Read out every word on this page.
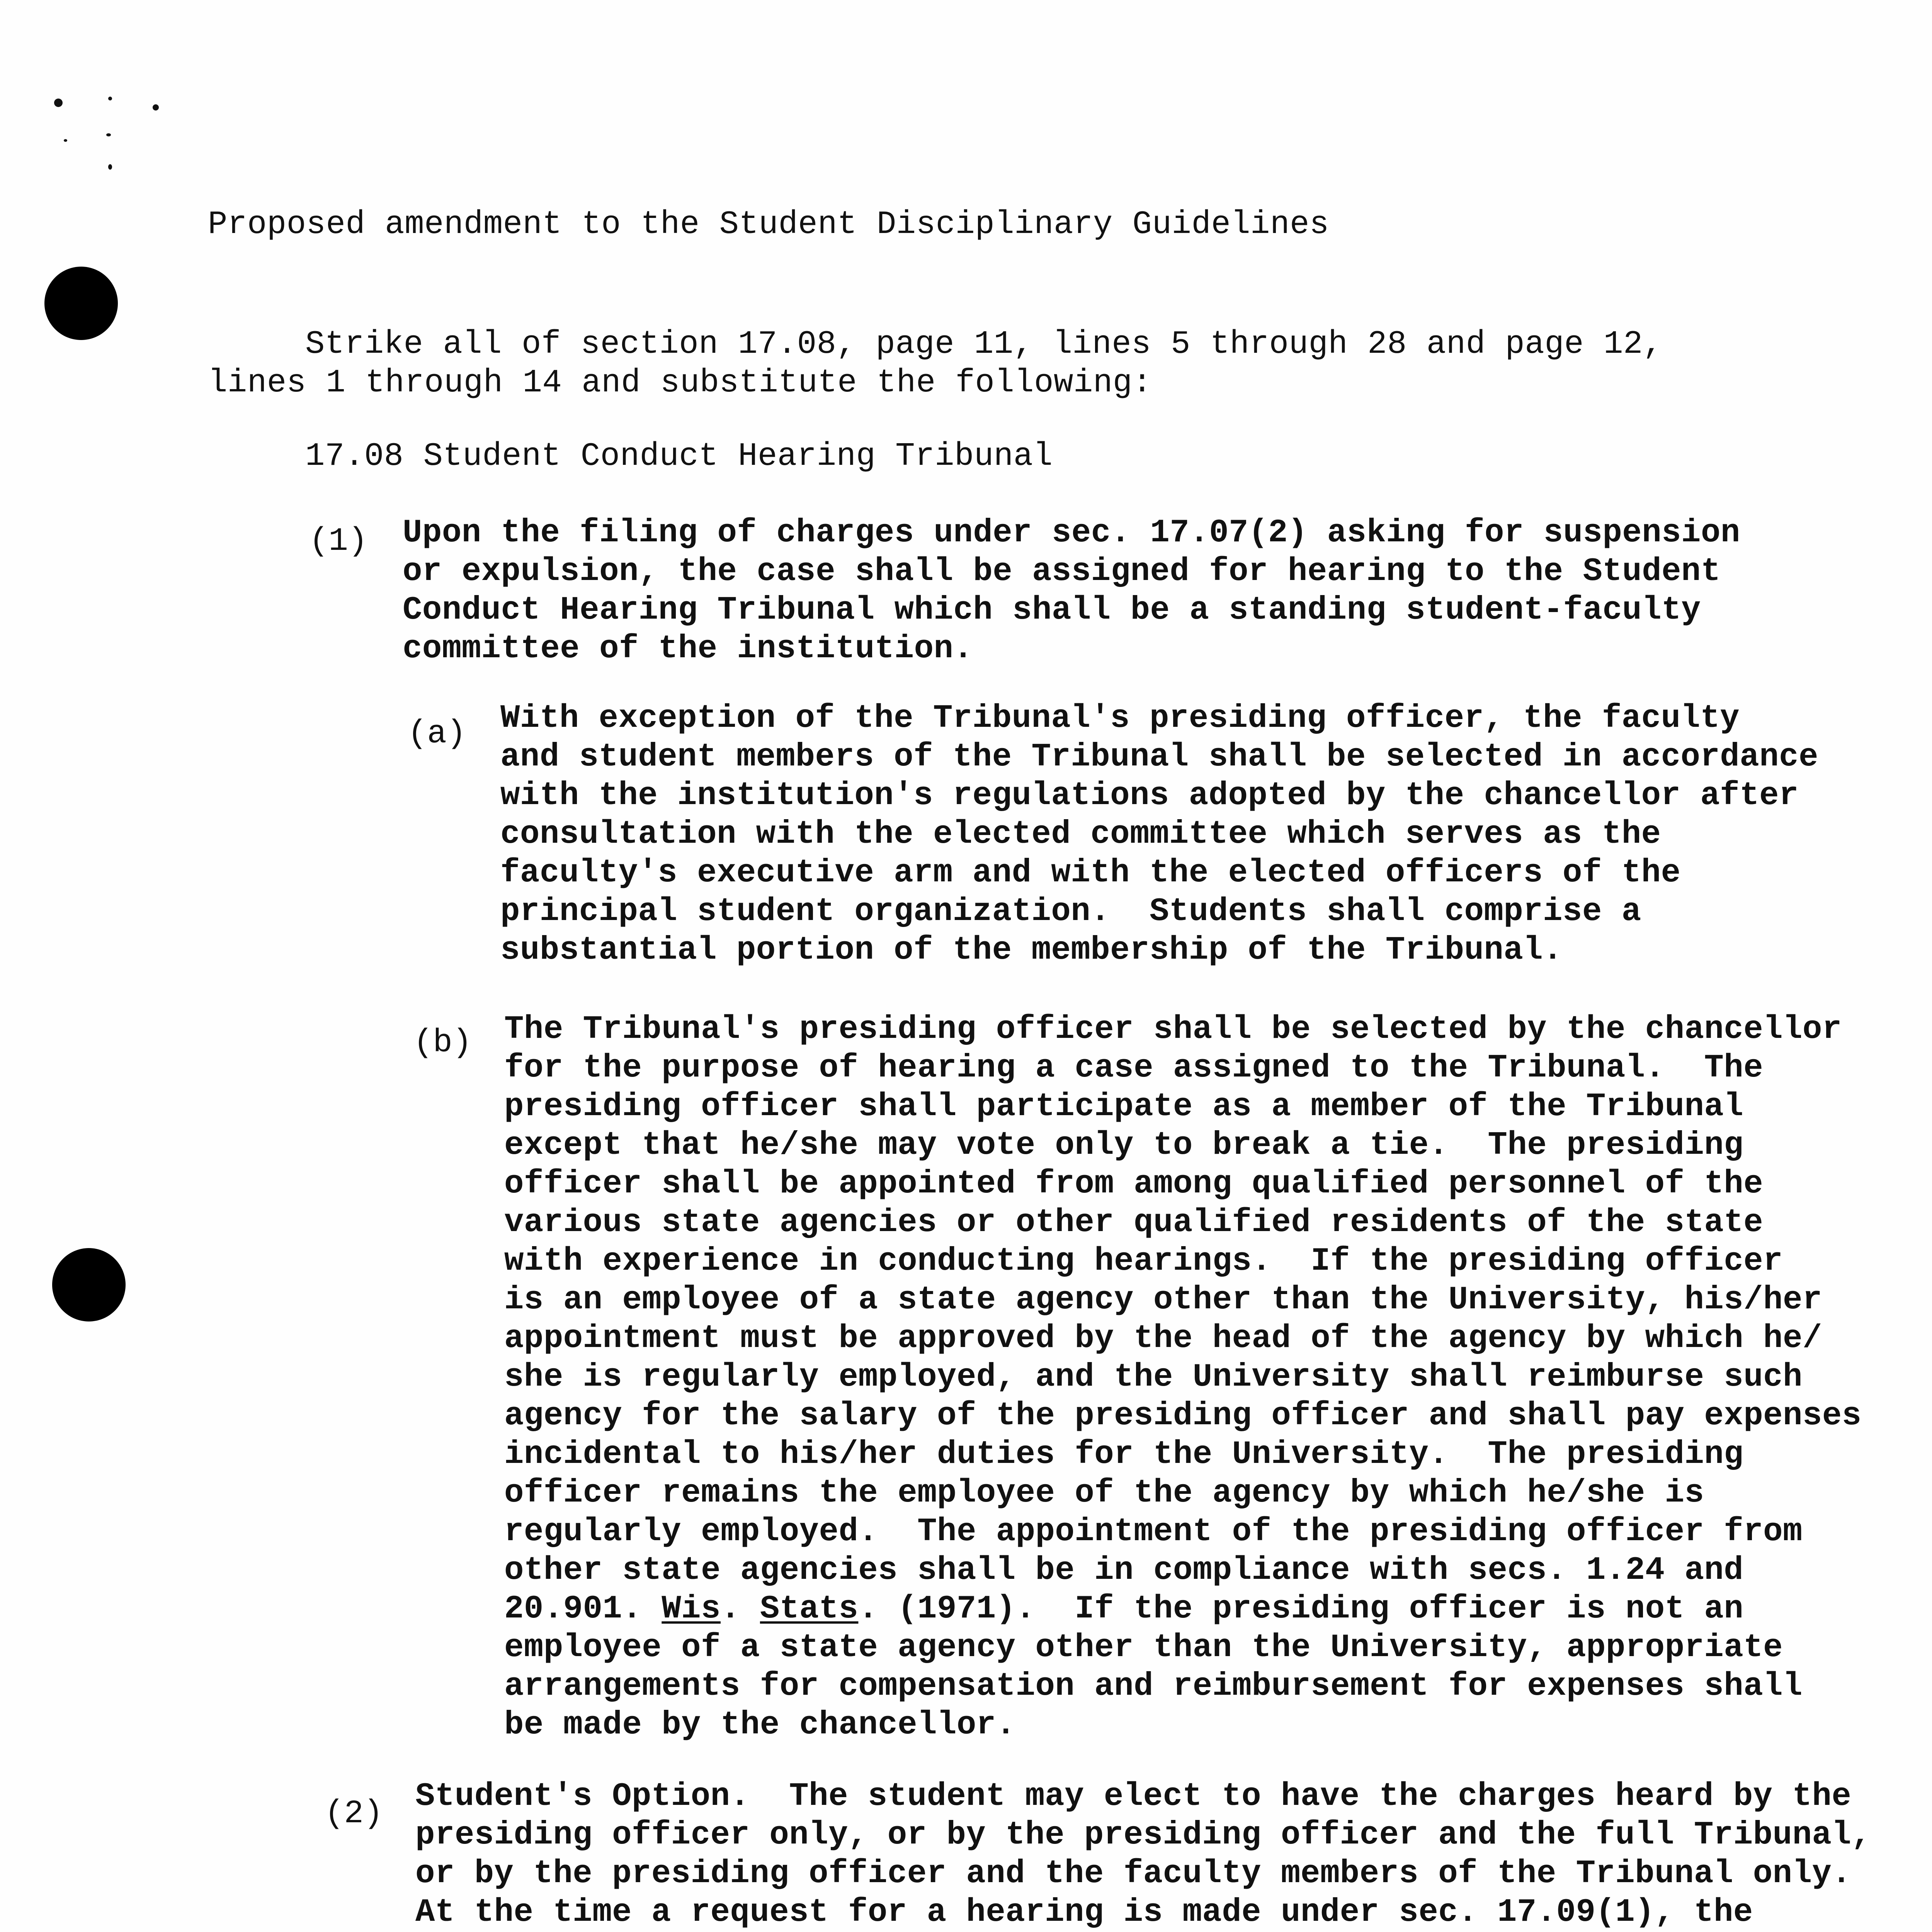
Proposed amendment to the Student Disciplinary Guidelines
Strike all of section 17.08, page 11, lines 5 through 28 and page 12,
lines 1 through 14 and substitute the following:
17.08 Student Conduct Hearing Tribunal
(1) Upon the filing of charges under sec. 17.07(2) asking for suspension
or expulsion, the case shall be assigned for hearing to the Student
Conduct Hearing Tribunal which shall be a standing student-faculty
committee of the institution.
(a) With exception of the Tribunal's presiding officer, the faculty
and student members of the Tribunal shall be selected in accordance
with the institution's regulations adopted by the chancellor after
consultation with the elected committee which serves as the
faculty's executive arm and with the elected officers of the
principal student organization.  Students shall comprise a
substantial portion of the membership of the Tribunal.
(b) The Tribunal's presiding officer shall be selected by the chancellor
for the purpose of hearing a case assigned to the Tribunal.  The
presiding officer shall participate as a member of the Tribunal
except that he/she may vote only to break a tie.  The presiding
officer shall be appointed from among qualified personnel of the
various state agencies or other qualified residents of the state
with experience in conducting hearings.  If the presiding officer
is an employee of a state agency other than the University, his/her
appointment must be approved by the head of the agency by which he/
she is regularly employed, and the University shall reimburse such
agency for the salary of the presiding officer and shall pay expenses
incidental to his/her duties for the University.  The presiding
officer remains the employee of the agency by which he/she is
regularly employed.  The appointment of the presiding officer from
other state agencies shall be in compliance with secs. 1.24 and
20.901. Wis. Stats. (1971).  If the presiding officer is not an
employee of a state agency other than the University, appropriate
arrangements for compensation and reimbursement for expenses shall
be made by the chancellor.
(2) Student's Option.  The student may elect to have the charges heard by the
presiding officer only, or by the presiding officer and the full Tribunal,
or by the presiding officer and the faculty members of the Tribunal only.
At the time a request for a hearing is made under sec. 17.09(1), the
